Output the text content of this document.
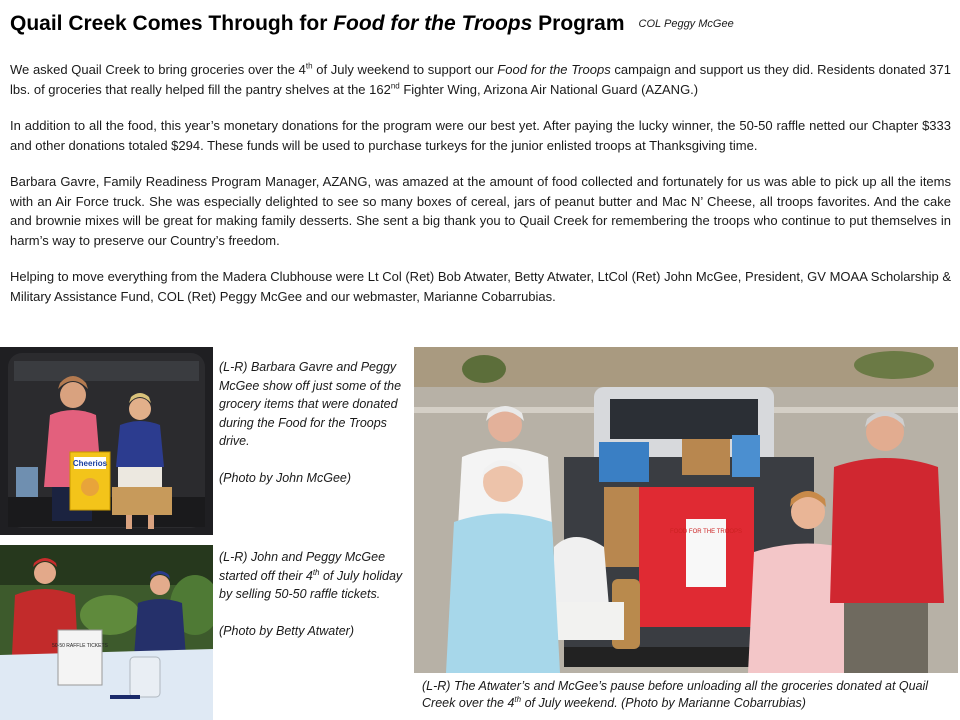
Quail Creek Comes Through for Food for the Troops Program COL Peggy McGee

We asked Quail Creek to bring groceries over the 4th of July weekend to support our Food for the Troops campaign and support us they did. Residents donated 371 lbs. of groceries that really helped fill the pantry shelves at the 162nd Fighter Wing, Arizona Air National Guard (AZANG.)

In addition to all the food, this year’s monetary donations for the program were our best yet. After paying the lucky winner, the 50-50 raffle netted our Chapter $333 and other donations totaled $294. These funds will be used to purchase turkeys for the junior enlisted troops at Thanksgiving time.

Barbara Gavre, Family Readiness Program Manager, AZANG, was amazed at the amount of food collected and fortunately for us was able to pick up all the items with an Air Force truck. She was especially delighted to see so many boxes of cereal, jars of peanut butter and Mac N’ Cheese, all troops favorites. And the cake and brownie mixes will be great for making family desserts. She sent a big thank you to Quail Creek for remembering the troops who continue to put themselves in harm’s way to preserve our Country’s freedom.

Helping to move everything from the Madera Clubhouse were Lt Col (Ret) Bob Atwater, Betty Atwater, LtCol (Ret) John McGee, President, GV MOAA Scholarship & Military Assistance Fund, COL (Ret) Peggy McGee and our webmaster, Marianne Cobarrubias.

Cheerios

(L-R) Barbara Gavre and Peggy McGee show off just some of the grocery items that were donated during the Food for the Troops drive.

(Photo by John McGee)

50-50 RAFFLE TICKETS

(L-R) John and Peggy McGee started off their 4th of July holiday by selling 50-50 raffle tickets.

(Photo by Betty Atwater)

FOOD FOR THE TROOPS
(L-R) The Atwater’s and McGee’s pause before unloading all the groceries donated at Quail Creek over the 4th of July weekend. (Photo by Marianne Cobarrubias)
